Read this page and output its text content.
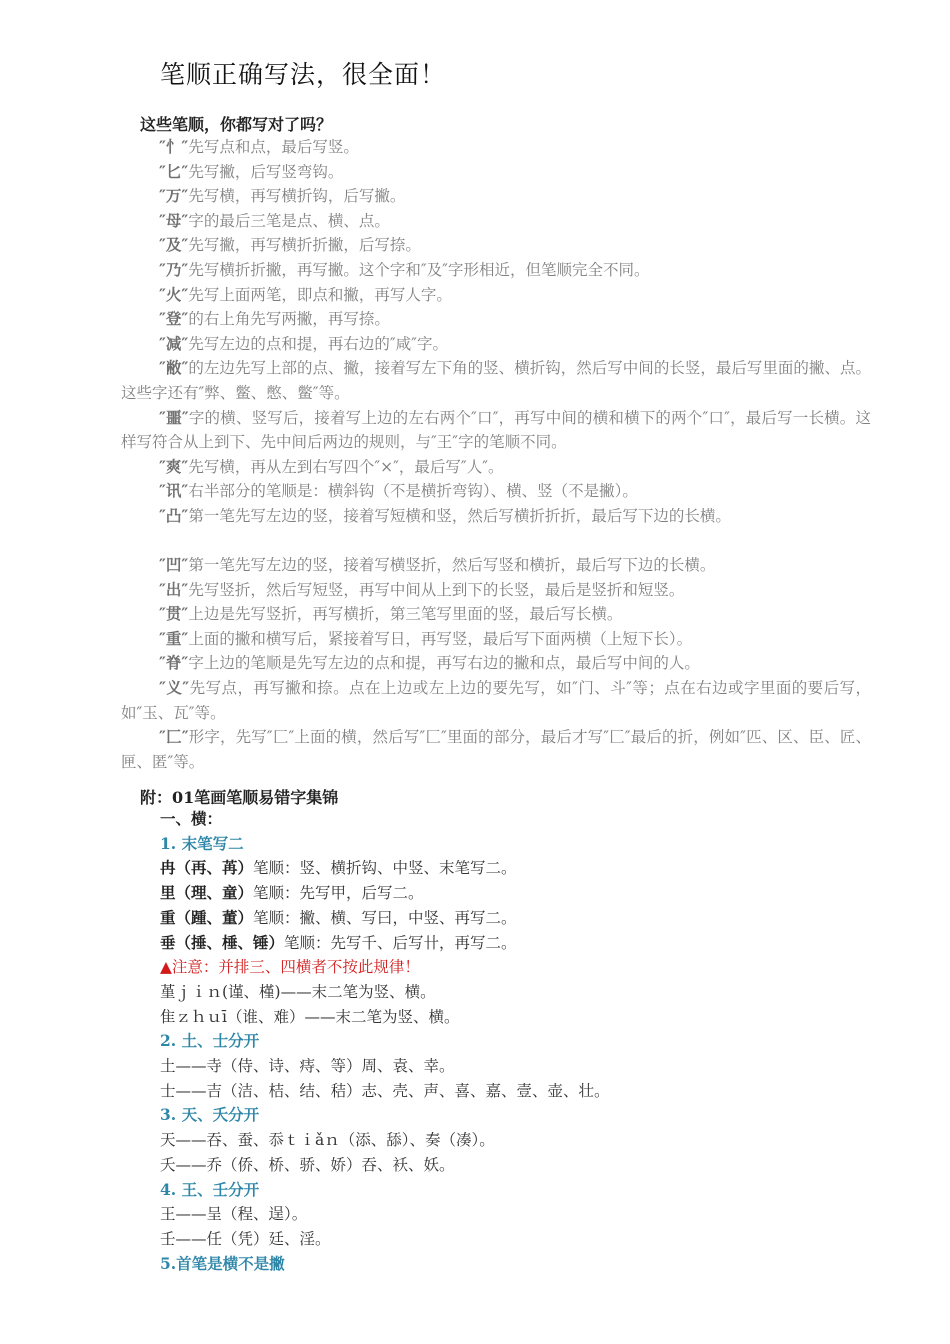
笔顺正确写法，很全面！
这些笔顺，你都写对了吗？

″忄″先写点和点，最后写竖。

″匕″先写撇，后写竖弯钩。

″万″先写横，再写横折钩，后写撇。

″母″字的最后三笔是点、横、点。

″及″先写撇，再写横折折撇，后写捺。

″乃″先写横折折撇，再写撇。这个字和″及″字形相近，但笔顺完全不同。

″火″先写上面两笔，即点和撇，再写人字。

″登″的右上角先写两撇，再写捺。

″减″先写左边的点和提，再右边的″咸″字。

″敝″的左边先写上部的点、撇，接着写左下角的竖、横折钩，然后写中间的长竖，最后写里面的撇、点。这些字还有″弊、鳖、憋、鳖″等。

″噩″字的横、竖写后，接着写上边的左右两个″口″，再写中间的横和横下的两个″口″，最后写一长横。这样写符合从上到下、先中间后两边的规则，与″王″字的笔顺不同。

″爽″先写横，再从左到右写四个″×″，最后写″人″。

″讯″右半部分的笔顺是：横斜钩（不是横折弯钩）、横、竖（不是撇）。

″凸″第一笔先写左边的竖，接着写短横和竖，然后写横折折折，最后写下边的长横。

″凹″第一笔先写左边的竖，接着写横竖折，然后写竖和横折，最后写下边的长横。

″出″先写竖折，然后写短竖，再写中间从上到下的长竖，最后是竖折和短竖。

″贯″上边是先写竖折，再写横折，第三笔写里面的竖，最后写长横。

″重″上面的撇和横写后，紧接着写日，再写竖，最后写下面两横（上短下长）。

″脊″字上边的笔顺是先写左边的点和提，再写右边的撇和点，最后写中间的人。

″义″先写点，再写撇和捺。点在上边或左上边的要先写，如″门、斗″等；点在右边或字里面的要后写，如″玉、瓦″等。

″匚″形字，先写″匚″上面的横，然后写″匚″里面的部分，最后才写″匚″最后的折，例如″匹、区、臣、匠、匣、匿″等。

附：01笔画笔顺易错字集锦

一、横：

1. 末笔写二

冉（再、苒）笔顺：竖、横折钩、中竖、末笔写二。

里（理、童）笔顺：先写甲，后写二。

重（踵、董）笔顺：撇、横、写曰，中竖、再写二。

垂（捶、棰、锤）笔顺：先写千、后写卄，再写二。

▲注意：并排三、四横者不按此规律！

堇ｊｉｎ(谨、槿)——末二笔为竖、横。

隹ｚｈｕī（谁、难）——末二笔为竖、横。

2. 土、士分开

土——寺（侍、诗、痔、等）周、袁、幸。

士——吉（洁、桔、结、秸）志、壳、声、喜、嘉、壹、壶、壮。

3. 天、夭分开

天——吞、蚕、忝ｔｉǎｎ（添、舔）、奏（凑）。

夭——乔（侨、桥、骄、娇）吞、袄、妖。

4. 王、壬分开

王——呈（程、逞）。

壬——任（凭）廷、淫。

5.首笔是横不是撇
